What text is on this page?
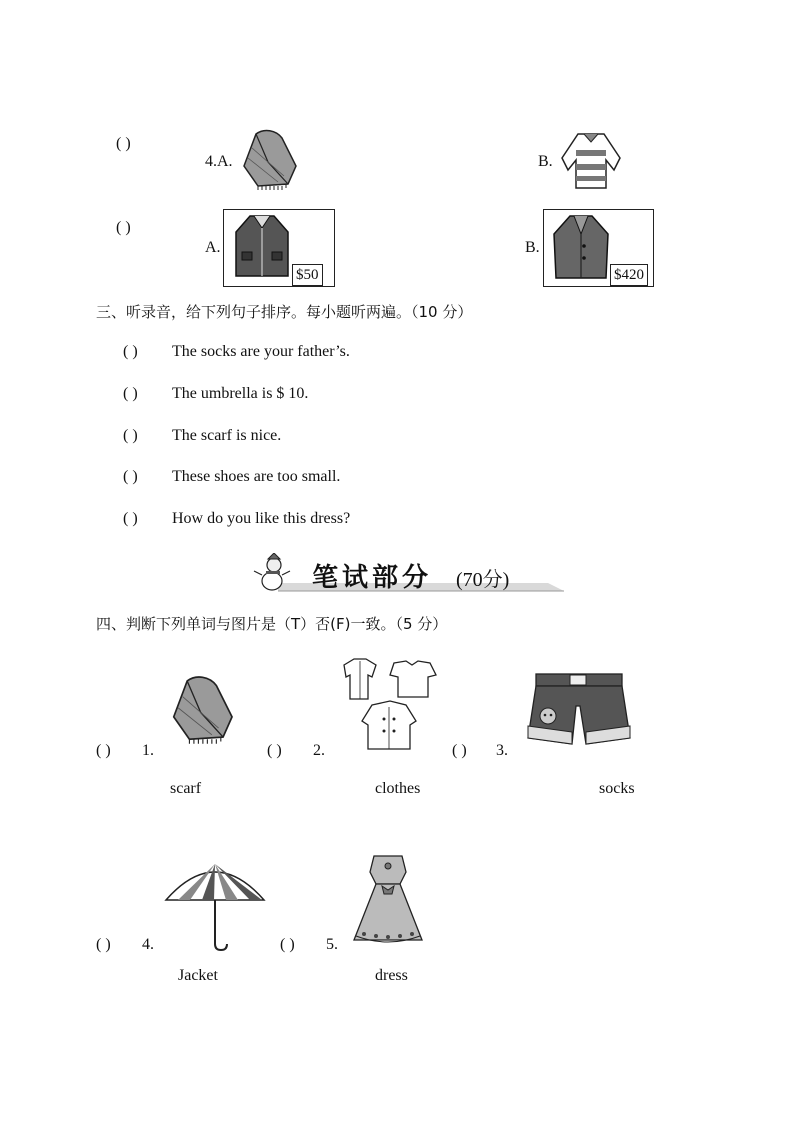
( )
4.A.	B.
( )
A.
$50
B.
$420
三、听录音，给下列句子排序。每小题听两遍。（10 分）
( ) The socks are your father’s.
( ) The umbrella is $ 10.
( ) The scarf is nice.
( ) These shoes are too small.
( ) How do you like this dress?
笔试部分 (70分)
四、判断下列单词与图片是（T）否(F)一致。（5 分）
( ) 1.
scarf
( ) 2.
clothes
( ) 3.
socks
( ) 4.
Jacket
( ) 5.
dress
